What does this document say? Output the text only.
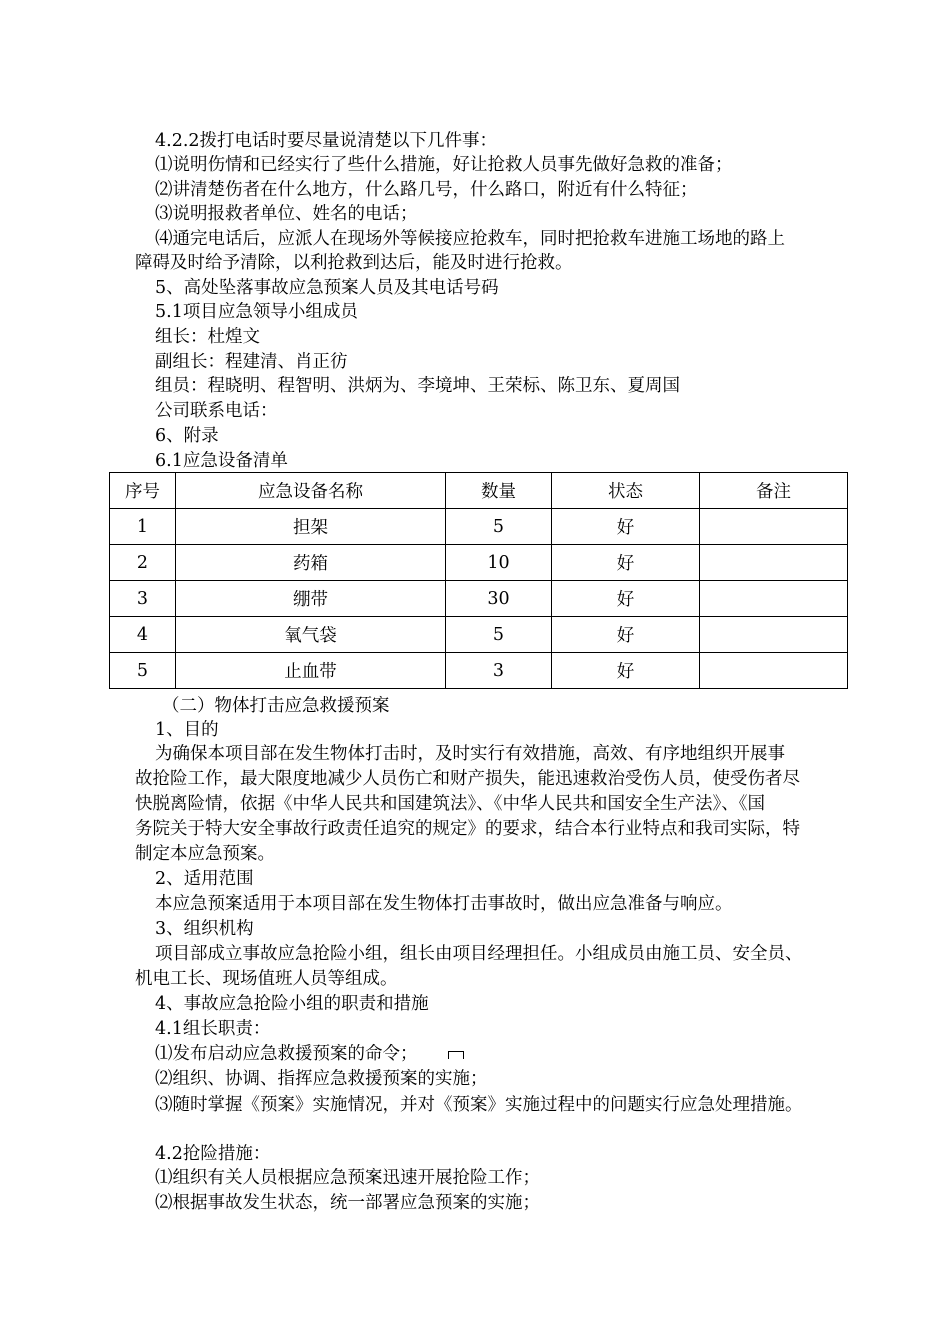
4.2.2拨打电话时要尽量说清楚以下几件事：
⑴说明伤情和已经实行了些什么措施，好让抢救人员事先做好急救的准备；
⑵讲清楚伤者在什么地方，什么路几号，什么路口，附近有什么特征；
⑶说明报救者单位、姓名的电话；
⑷通完电话后，应派人在现场外等候接应抢救车，同时把抢救车进施工场地的路上
障碍及时给予清除，以利抢救到达后，能及时进行抢救。
5、高处坠落事故应急预案人员及其电话号码
5.1项目应急领导小组成员
组长：杜煌文
副组长：程建清、肖正彷
组员：程晓明、程智明、洪炳为、李境坤、王荣标、陈卫东、夏周国
公司联系电话：
6、附录
6.1应急设备清单
序号	应急设备名称	数量	状态	备注
1	担架	5	好	
2	药箱	10	好	
3	绷带	30	好	
4	氧气袋	5	好	
5	止血带	3	好	
（二）物体打击应急救援预案
1、目的
为确保本项目部在发生物体打击时，及时实行有效措施，高效、有序地组织开展事
故抢险工作，最大限度地减少人员伤亡和财产损失，能迅速救治受伤人员，使受伤者尽
快脱离险情，依据《中华人民共和国建筑法》、《中华人民共和国安全生产法》、《国
务院关于特大安全事故行政责任追究的规定》的要求，结合本行业特点和我司实际，特
制定本应急预案。
2、适用范围
本应急预案适用于本项目部在发生物体打击事故时，做出应急准备与响应。
3、组织机构
项目部成立事故应急抢险小组，组长由项目经理担任。小组成员由施工员、安全员、
机电工长、现场值班人员等组成。
4、事故应急抢险小组的职责和措施
4.1组长职责：
⑴发布启动应急救援预案的命令；
⑵组织、协调、指挥应急救援预案的实施；
⑶随时掌握《预案》实施情况，并对《预案》实施过程中的问题实行应急处理措施。
4.2抢险措施：
⑴组织有关人员根据应急预案迅速开展抢险工作；
⑵根据事故发生状态，统一部署应急预案的实施；
